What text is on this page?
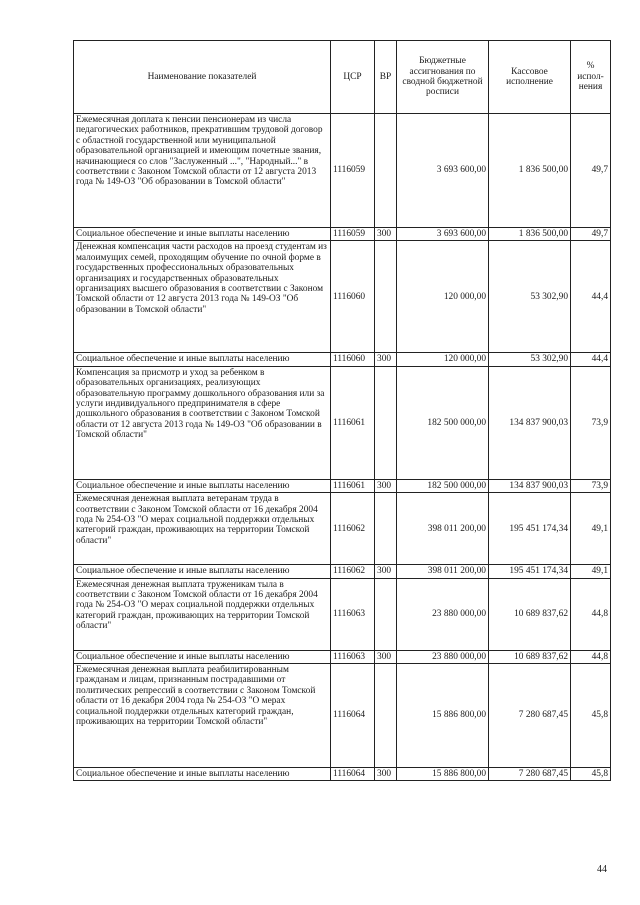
Наименование показателей	ЦСР	ВР	Бюджетные ассигнования по сводной бюджетной росписи	Кассовое исполнение	% испол-нения
Ежемесячная доплата к пенсии пенсионерам из числа педагогических работников, прекратившим трудовой договор с областной государственной или муниципальной образовательной организацией и имеющим почетные звания, начинающиеся со слов "Заслуженный ...", "Народный..." в соответствии с Законом Томской области от 12 августа 2013 года № 149-ОЗ "Об образовании в Томской области"	1116059		3 693 600,00	1 836 500,00	49,7
Социальное обеспечение и иные выплаты населению	1116059	300	3 693 600,00	1 836 500,00	49,7
Денежная компенсация части расходов на проезд студентам из малоимущих семей, проходящим обучение по очной форме в государственных профессиональных образовательных организациях и государственных образовательных организациях высшего образования в соответствии с Законом Томской области от 12 августа 2013 года № 149-ОЗ "Об образовании в Томской области"	1116060		120 000,00	53 302,90	44,4
Социальное обеспечение и иные выплаты населению	1116060	300	120 000,00	53 302,90	44,4
Компенсация за присмотр и уход за ребенком в образовательных организациях, реализующих образовательную программу дошкольного образования или за услуги индивидуального предпринимателя в сфере дошкольного образования в соответствии с Законом Томской области от 12 августа 2013 года № 149-ОЗ "Об образовании в Томской области"	1116061		182 500 000,00	134 837 900,03	73,9
Социальное обеспечение и иные выплаты населению	1116061	300	182 500 000,00	134 837 900,03	73,9
Ежемесячная денежная выплата ветеранам труда в соответствии с Законом Томской области от 16 декабря 2004 года № 254-ОЗ "О мерах социальной поддержки отдельных категорий граждан, проживающих на территории Томской области"	1116062		398 011 200,00	195 451 174,34	49,1
Социальное обеспечение и иные выплаты населению	1116062	300	398 011 200,00	195 451 174,34	49,1
Ежемесячная денежная выплата труженикам тыла в соответствии с Законом Томской области от 16 декабря 2004 года № 254-ОЗ "О мерах социальной поддержки отдельных категорий граждан, проживающих на территории Томской области"	1116063		23 880 000,00	10 689 837,62	44,8
Социальное обеспечение и иные выплаты населению	1116063	300	23 880 000,00	10 689 837,62	44,8
Ежемесячная денежная выплата реабилитированным гражданам и лицам, признанным пострадавшими от политических репрессий в соответствии с Законом Томской области от 16 декабря 2004 года № 254-ОЗ "О мерах социальной поддержки отдельных категорий граждан, проживающих на территории Томской области"	1116064		15 886 800,00	7 280 687,45	45,8
Социальное обеспечение и иные выплаты населению	1116064	300	15 886 800,00	7 280 687,45	45,8
44
